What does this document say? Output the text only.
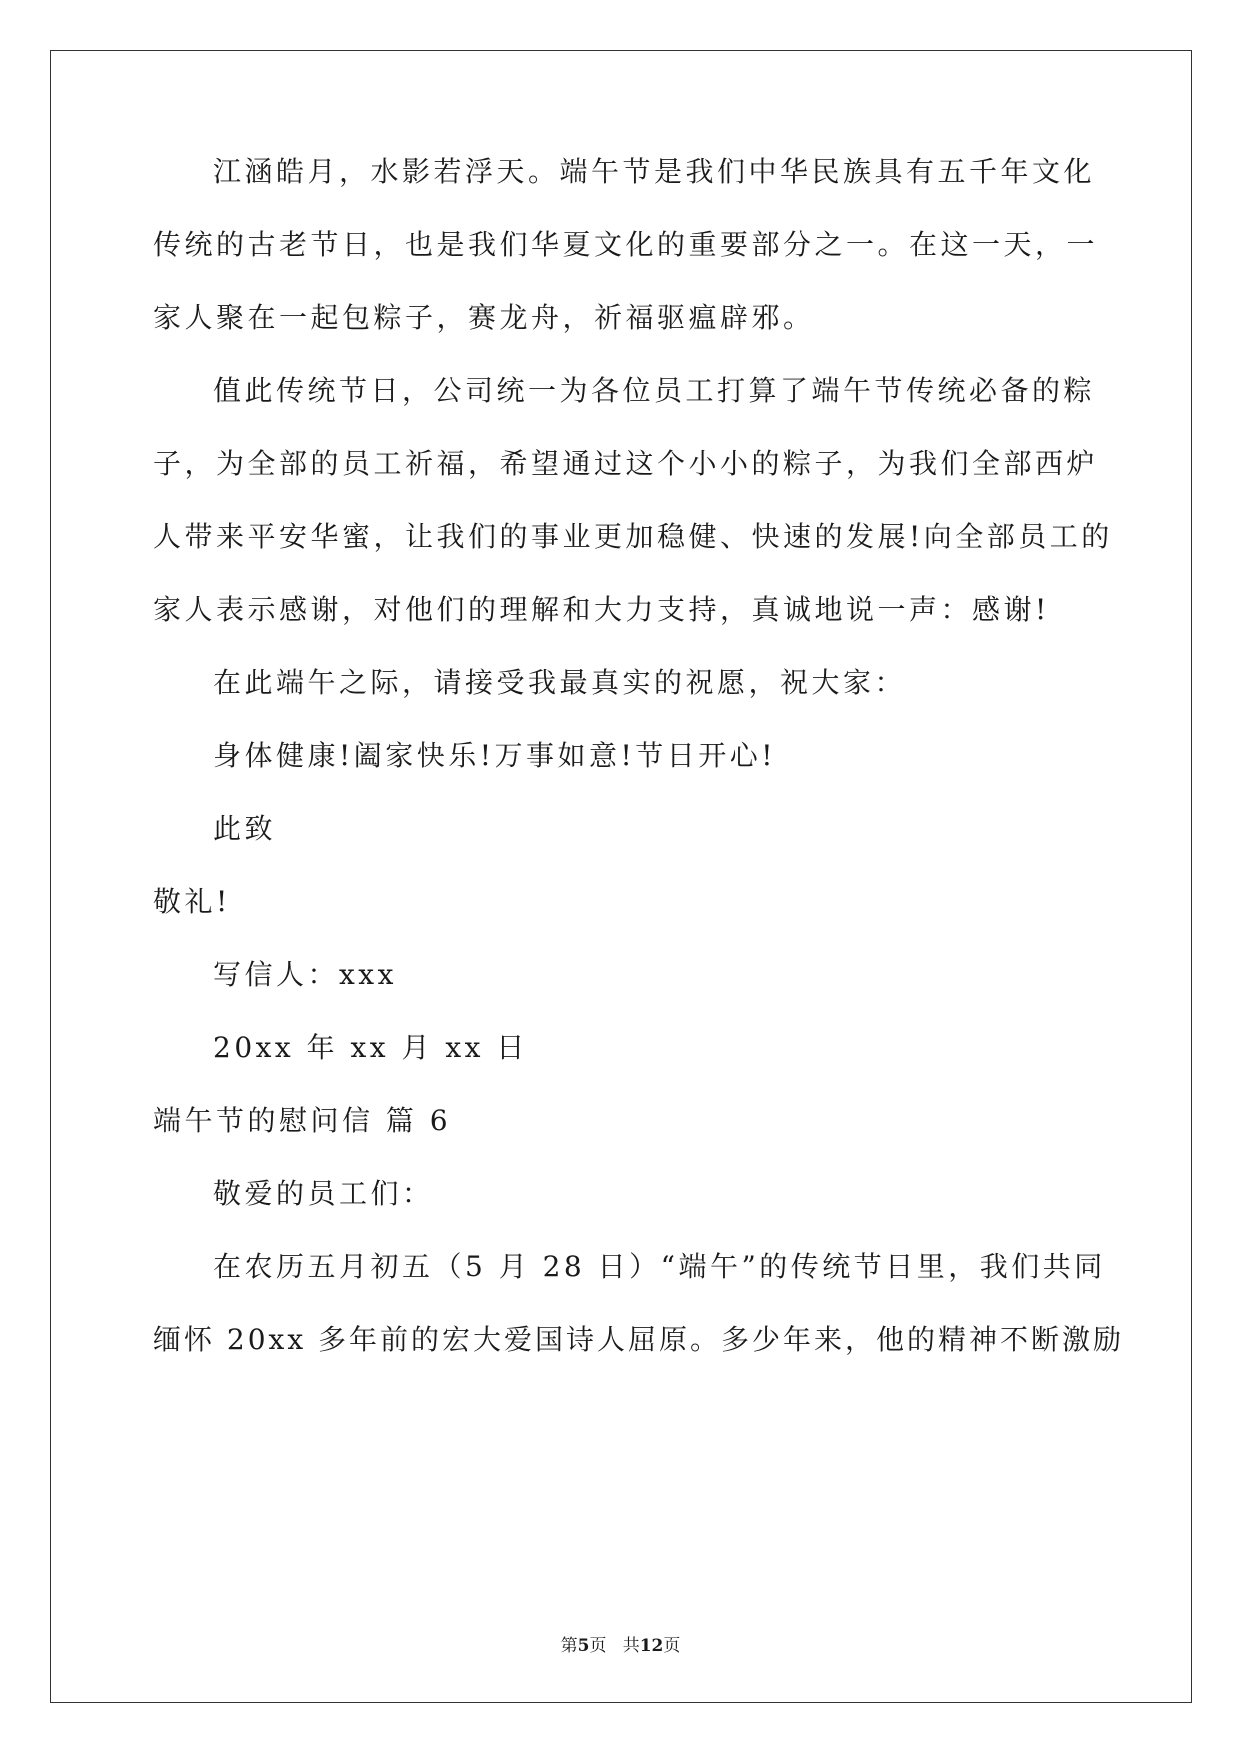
江涵皓月，水影若浮天。端午节是我们中华民族具有五千年文化
传统的古老节日，也是我们华夏文化的重要部分之一。在这一天，一
家人聚在一起包粽子，赛龙舟，祈福驱瘟辟邪。
值此传统节日，公司统一为各位员工打算了端午节传统必备的粽
子，为全部的员工祈福，希望通过这个小小的粽子，为我们全部西炉
人带来平安华蜜，让我们的事业更加稳健、快速的发展!向全部员工的
家人表示感谢，对他们的理解和大力支持，真诚地说一声：感谢!
在此端午之际，请接受我最真实的祝愿，祝大家：
身体健康!阖家快乐!万事如意!节日开心!
此致
敬礼!
写信人：xxx
20xx 年 xx 月 xx 日
端午节的慰问信 篇 6
敬爱的员工们：
在农历五月初五（5 月 28 日）“端午”的传统节日里，我们共同
缅怀 20xx 多年前的宏大爱国诗人屈原。多少年来，他的精神不断激励
第5页 共12页
